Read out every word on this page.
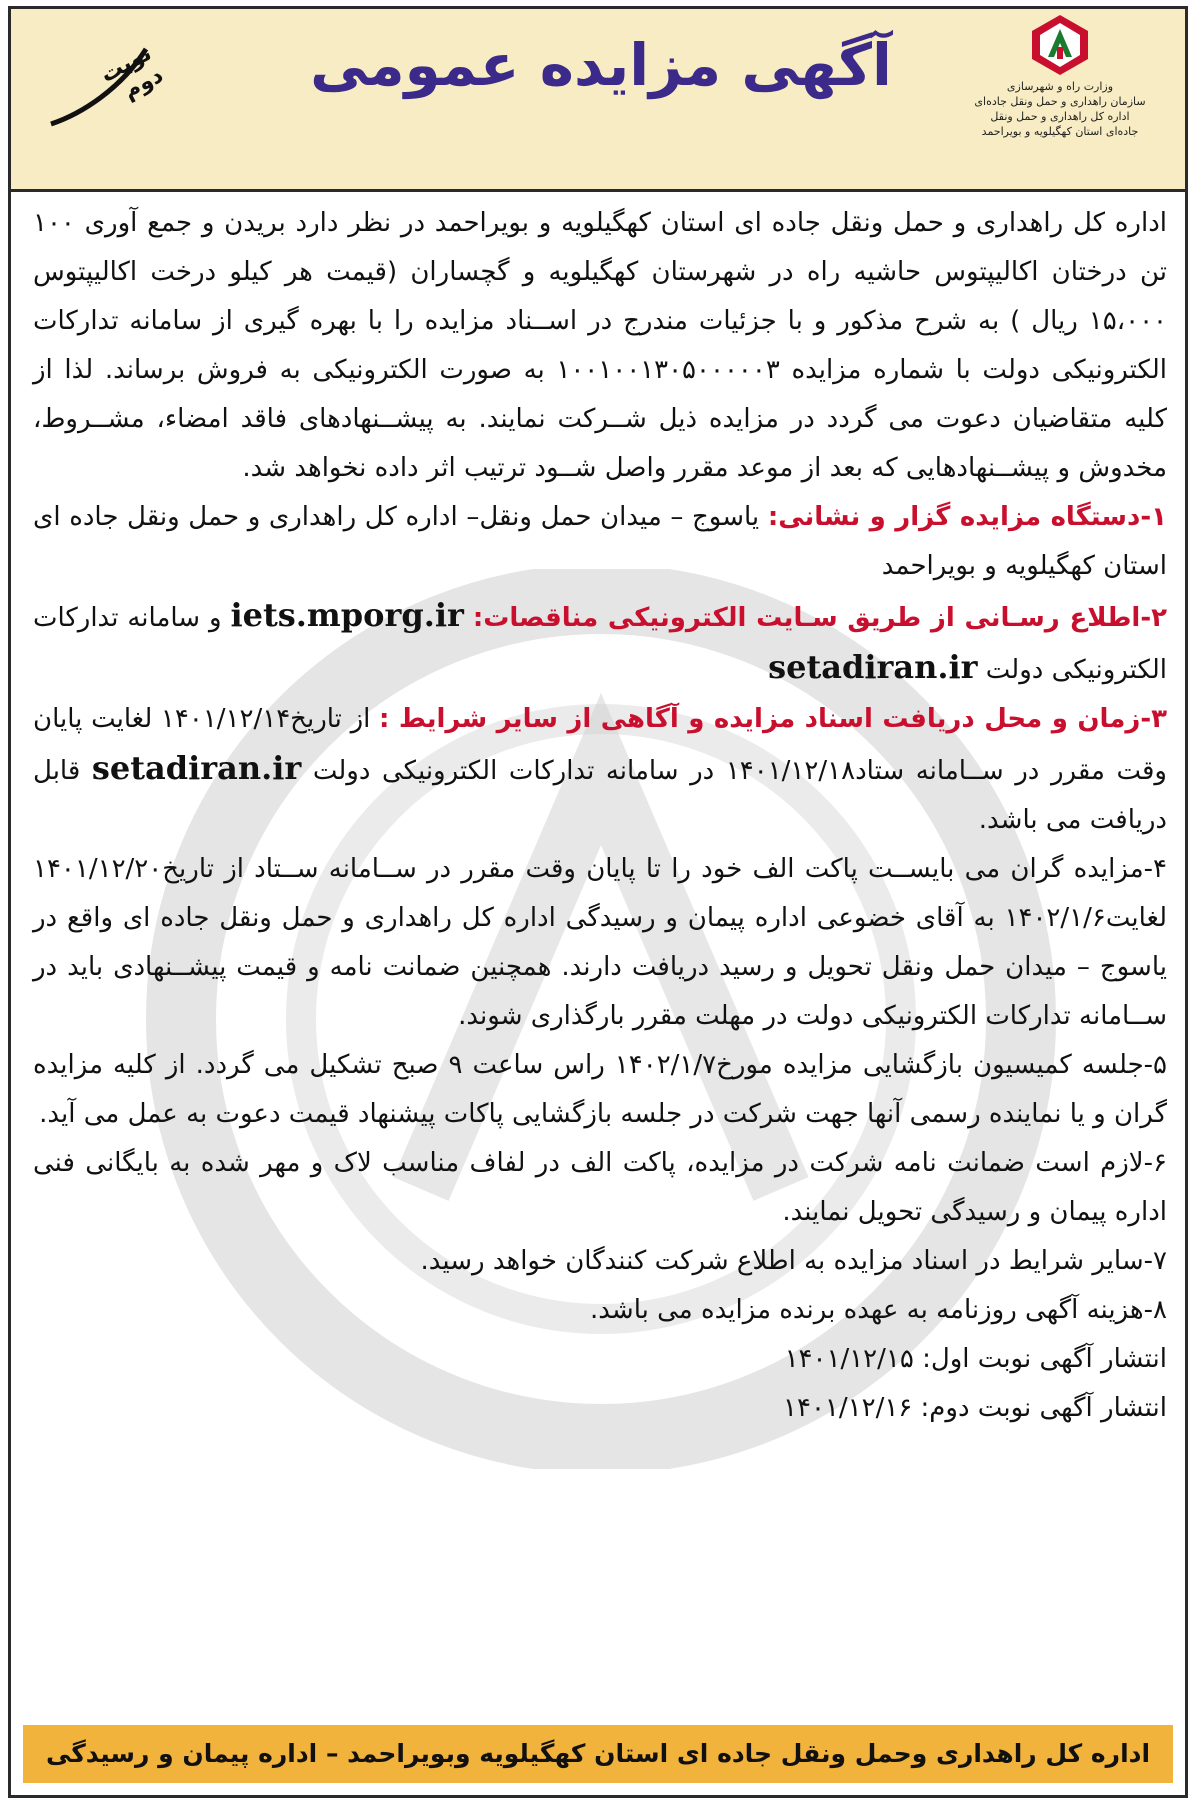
نوبت دوم	آگهی مزایده عمومی	وزارت راه و شهرسازی
سازمان راهداری و حمل ونقل جاده‌ای
اداره کل راهداری و حمل ونقل
جاده‌ای استان کهگیلویه و بویراحمد

اداره کل راهداری و حمل ونقل جاده ای استان کهگیلویه و بویراحمد در نظر دارد بریدن و جمع آوری ۱۰۰ تن درختان اکالیپتوس حاشیه راه در شهرستان کهگیلویه و گچساران (قیمت هر کیلو درخت اکالیپتوس ۱۵،۰۰۰ ریال ) به شرح مذکور و با جزئیات مندرج در اســناد مزایده را با بهره گیری از سامانه تدارکات الکترونیکی دولت با شماره مزایده ۱۰۰۱۰۰۱۳۰۵۰۰۰۰۰۳ به صورت الکترونیکی به فروش برساند. لذا از کلیه متقاضیان دعوت می گردد در مزایده ذیل شــرکت نمایند. به پیشــنهادهای فاقد امضاء، مشــروط، مخدوش و پیشــنهادهایی که بعد از موعد مقرر واصل شــود ترتیب اثر داده نخواهد شد.

۱-دستگاه مزایده گزار و نشانی: یاسوج – میدان حمل ونقل– اداره کل راهداری و حمل ونقل جاده ای استان کهگیلویه و بویراحمد

۲-اطلاع رسـانی از طریق سـایت الکترونیکی مناقصات: iets.mporg.ir و سامانه تدارکات الکترونیکی دولت setadiran.ir

۳-زمان و محل دریافت اسناد مزایده و آگاهی از سایر شرایط : از تاریخ۱۴۰۱/۱۲/۱۴ لغایت پایان وقت مقرر در ســامانه ستاد۱۴۰۱/۱۲/۱۸ در سامانه تدارکات الکترونیکی دولت setadiran.ir قابل دریافت می باشد.

۴-مزایده گران می بایســت پاکت الف خود را تا پایان وقت مقرر در ســامانه ســتاد از تاریخ۱۴۰۱/۱۲/۲۰ لغایت۱۴۰۲/۱/۶ به آقای خضوعی اداره پیمان و رسیدگی اداره کل راهداری و حمل ونقل جاده ای واقع در یاسوج – میدان حمل ونقل تحویل و رسید دریافت دارند. همچنین ضمانت نامه و قیمت پیشــنهادی باید در ســامانه تدارکات الکترونیکی دولت در مهلت مقرر بارگذاری شوند.

۵-جلسه کمیسیون بازگشایی مزایده مورخ۱۴۰۲/۱/۷ راس ساعت ۹ صبح تشکیل می گردد. از کلیه مزایده گران و یا نماینده رسمی آنها جهت شرکت در جلسه بازگشایی پاکات پیشنهاد قیمت دعوت به عمل می آید.

۶-لازم است ضمانت نامه شرکت در مزایده، پاکت الف در لفاف مناسب لاک و مهر شده به بایگانی فنی اداره پیمان و رسیدگی تحویل نمایند.

۷-سایر شرایط در اسناد مزایده به اطلاع شرکت کنندگان خواهد رسید.

۸-هزینه آگهی روزنامه به عهده برنده مزایده می باشد.

انتشار آگهی نوبت اول: ۱۴۰۱/۱۲/۱۵

انتشار آگهی نوبت دوم: ۱۴۰۱/۱۲/۱۶

اداره کل راهداری وحمل ونقل جاده ای استان کهگیلویه وبویراحمد – اداره پیمان و رسیدگی
